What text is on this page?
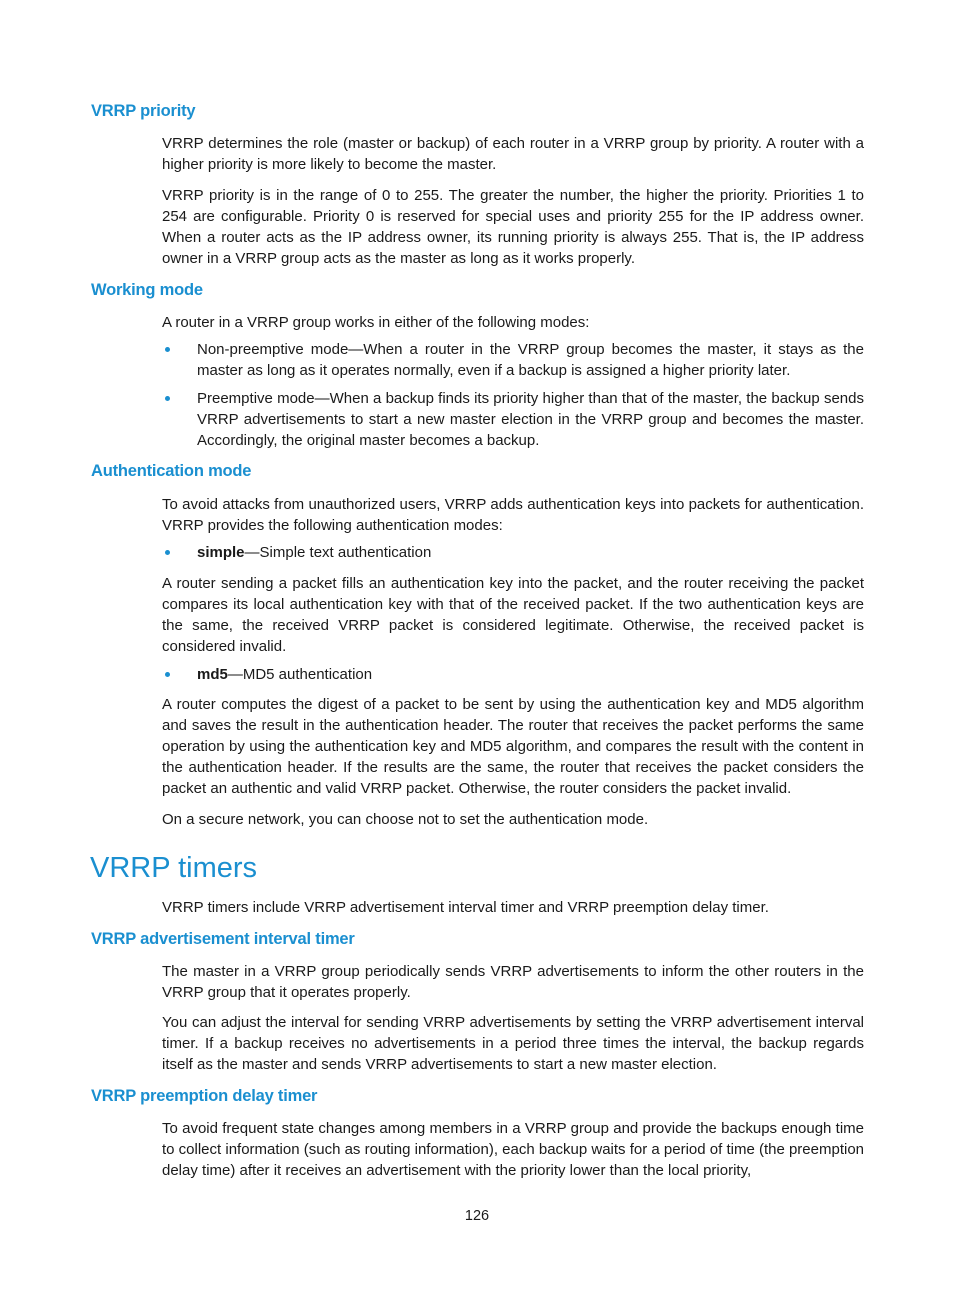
VRRP priority

VRRP determines the role (master or backup) of each router in a VRRP group by priority. A router with a higher priority is more likely to become the master.

VRRP priority is in the range of 0 to 255. The greater the number, the higher the priority. Priorities 1 to 254 are configurable. Priority 0 is reserved for special uses and priority 255 for the IP address owner. When a router acts as the IP address owner, its running priority is always 255. That is, the IP address owner in a VRRP group acts as the master as long as it works properly.

Working mode

A router in a VRRP group works in either of the following modes:

Non-preemptive mode—When a router in the VRRP group becomes the master, it stays as the master as long as it operates normally, even if a backup is assigned a higher priority later.

Preemptive mode—When a backup finds its priority higher than that of the master, the backup sends VRRP advertisements to start a new master election in the VRRP group and becomes the master. Accordingly, the original master becomes a backup.

Authentication mode

To avoid attacks from unauthorized users, VRRP adds authentication keys into packets for authentication. VRRP provides the following authentication modes:

simple—Simple text authentication

A router sending a packet fills an authentication key into the packet, and the router receiving the packet compares its local authentication key with that of the received packet. If the two authentication keys are the same, the received VRRP packet is considered legitimate. Otherwise, the received packet is considered invalid.

md5—MD5 authentication

A router computes the digest of a packet to be sent by using the authentication key and MD5 algorithm and saves the result in the authentication header. The router that receives the packet performs the same operation by using the authentication key and MD5 algorithm, and compares the result with the content in the authentication header. If the results are the same, the router that receives the packet considers the packet an authentic and valid VRRP packet. Otherwise, the router considers the packet invalid.

On a secure network, you can choose not to set the authentication mode.

VRRP timers

VRRP timers include VRRP advertisement interval timer and VRRP preemption delay timer.

VRRP advertisement interval timer

The master in a VRRP group periodically sends VRRP advertisements to inform the other routers in the VRRP group that it operates properly.

You can adjust the interval for sending VRRP advertisements by setting the VRRP advertisement interval timer. If a backup receives no advertisements in a period three times the interval, the backup regards itself as the master and sends VRRP advertisements to start a new master election.

VRRP preemption delay timer

To avoid frequent state changes among members in a VRRP group and provide the backups enough time to collect information (such as routing information), each backup waits for a period of time (the preemption delay time) after it receives an advertisement with the priority lower than the local priority,

126
